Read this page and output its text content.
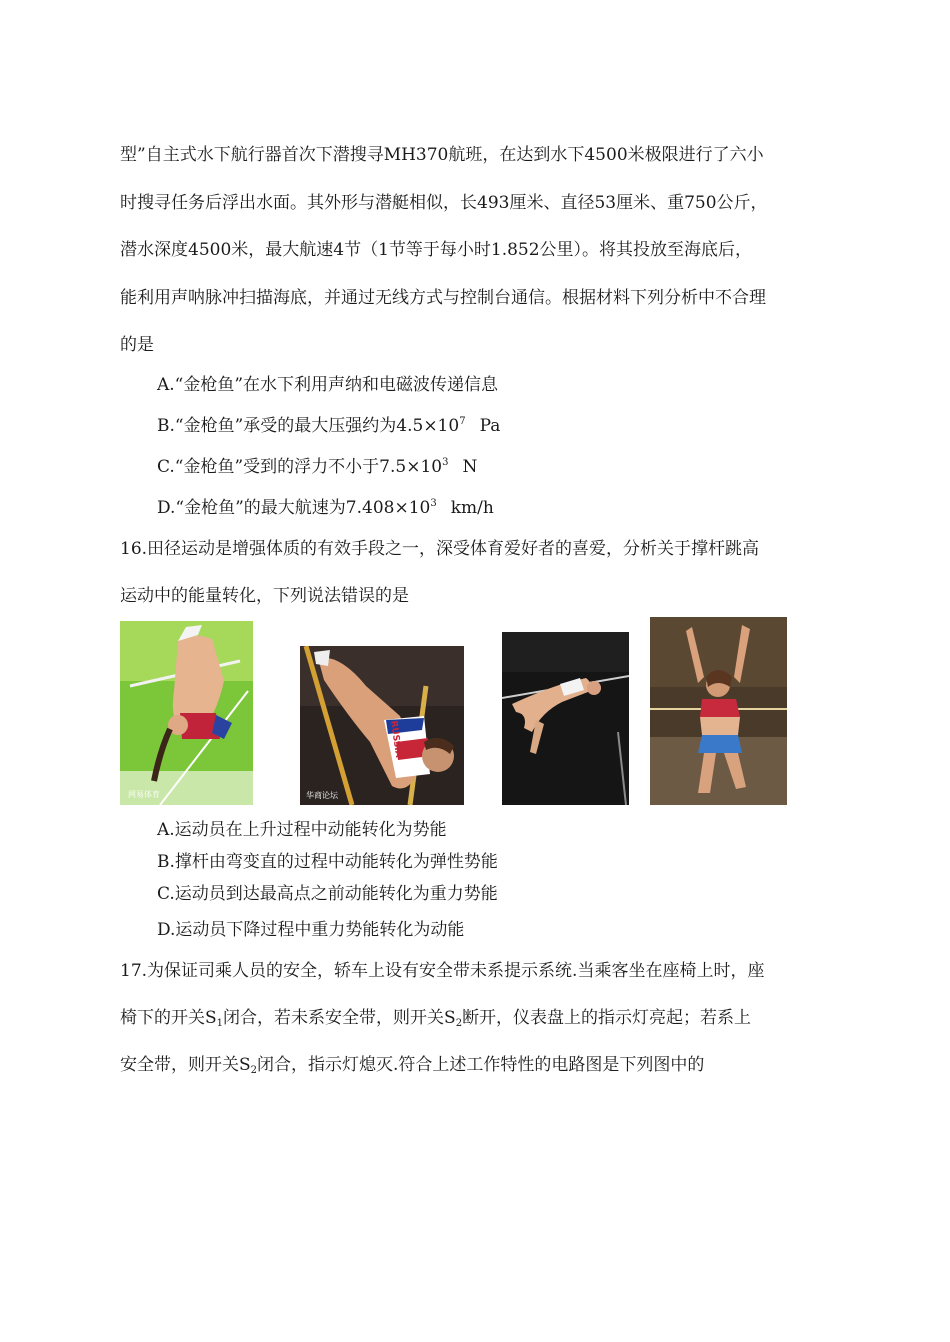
型”自主式水下航行器首次下潜搜寻MH370航班，在达到水下4500米极限进行了六小
时搜寻任务后浮出水面。其外形与潜艇相似，长493厘米、直径53厘米、重750公斤，
潜水深度4500米，最大航速4节（1节等于每小时1.852公里）。将其投放至海底后，
能利用声呐脉冲扫描海底，并通过无线方式与控制台通信。根据材料下列分析中不合理
的是
A.“金枪鱼”在水下利用声纳和电磁波传递信息
B.“金枪鱼”承受的最大压强约为$4.5\times 10^7$ Pa
C.“金枪鱼”受到的浮力不小于$7.5\times 10^3$ N
D.“金枪鱼”的最大航速为$7.408\times 10^3$ km/h
16.田径运动是增强体质的有效手段之一，深受体育爱好者的喜爱，分析关于撑杆跳高
运动中的能量转化，下列说法错误的是
网易体育
RUSSIA
华商论坛
A.运动员在上升过程中动能转化为势能
B.撑杆由弯变直的过程中动能转化为弹性势能
C.运动员到达最高点之前动能转化为重力势能
D.运动员下降过程中重力势能转化为动能
17.为保证司乘人员的安全，轿车上设有安全带未系提示系统.当乘客坐在座椅上时，座
椅下的开关$S_1$闭合，若未系安全带，则开关$S_2$断开，仪表盘上的指示灯亮起；若系上
安全带，则开关$S_2$闭合，指示灯熄灭.符合上述工作特性的电路图是下列图中的
